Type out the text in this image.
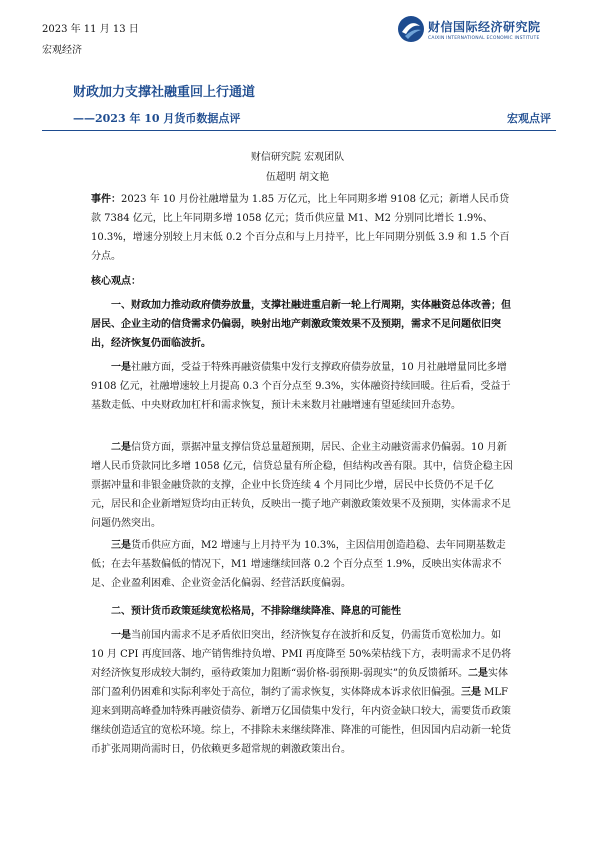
2023 年 11 月 13 日
宏观经济
财信国际经济研究院
CAIXIN INTERNATIONAL ECONOMIC INSTITUTE
财政加力支撑社融重回上行通道
——2023 年 10 月货币数据点评	宏观点评
财信研究院 宏观团队
伍超明 胡文艳
事件：2023 年 10 月份社融增量为 1.85 万亿元，比上年同期多增 9108 亿元；新增人民币贷款 7384 亿元，比上年同期多增 1058 亿元；货币供应量 M1、M2 分别同比增长 1.9%、10.3%，增速分别较上月末低 0.2 个百分点和与上月持平，比上年同期分别低 3.9 和 1.5 个百分点。
核心观点：
一、财政加力推动政府债券放量，支撑社融进重启新一轮上行周期，实体融资总体改善；但居民、企业主动的信贷需求仍偏弱，映射出地产刺激政策效果不及预期，需求不足问题依旧突出，经济恢复仍面临波折。
一是社融方面，受益于特殊再融资债集中发行支撑政府债券放量，10 月社融增量同比多增 9108 亿元，社融增速较上月提高 0.3 个百分点至 9.3%，实体融资持续回暖。往后看，受益于基数走低、中央财政加杠杆和需求恢复，预计未来数月社融增速有望延续回升态势。
二是信贷方面，票据冲量支撑信贷总量超预期，居民、企业主动融资需求仍偏弱。10 月新增人民币贷款同比多增 1058 亿元，信贷总量有所企稳，但结构改善有限。其中，信贷企稳主因票据冲量和非银金融贷款的支撑，企业中长贷连续 4 个月同比少增，居民中长贷仍不足千亿元，居民和企业新增短贷均由正转负，反映出一揽子地产刺激政策效果不及预期，实体需求不足问题仍然突出。
三是货币供应方面，M2 增速与上月持平为 10.3%，主因信用创造趋稳、去年同期基数走低；在去年基数偏低的情况下，M1 增速继续回落 0.2 个百分点至 1.9%，反映出实体需求不足、企业盈利困难、企业资金活化偏弱、经营活跃度偏弱。
二、预计货币政策延续宽松格局，不排除继续降准、降息的可能性
一是当前国内需求不足矛盾依旧突出，经济恢复存在波折和反复，仍需货币宽松加力。如 10 月 CPI 再度回落、地产销售维持负增、PMI 再度降至 50%荣枯线下方，表明需求不足仍将对经济恢复形成较大制约，亟待政策加力阻断“弱价格-弱预期-弱现实”的负反馈循环。二是实体部门盈利仍困难和实际利率处于高位，制约了需求恢复，实体降成本诉求依旧偏强。三是 MLF 迎来到期高峰叠加特殊再融资债券、新增万亿国债集中发行，年内资金缺口较大，需要货币政策继续创造适宜的宽松环境。综上，不排除未来继续降准、降准的可能性，但因国内启动新一轮货币扩张周期尚需时日，仍依赖更多超常规的刺激政策出台。
